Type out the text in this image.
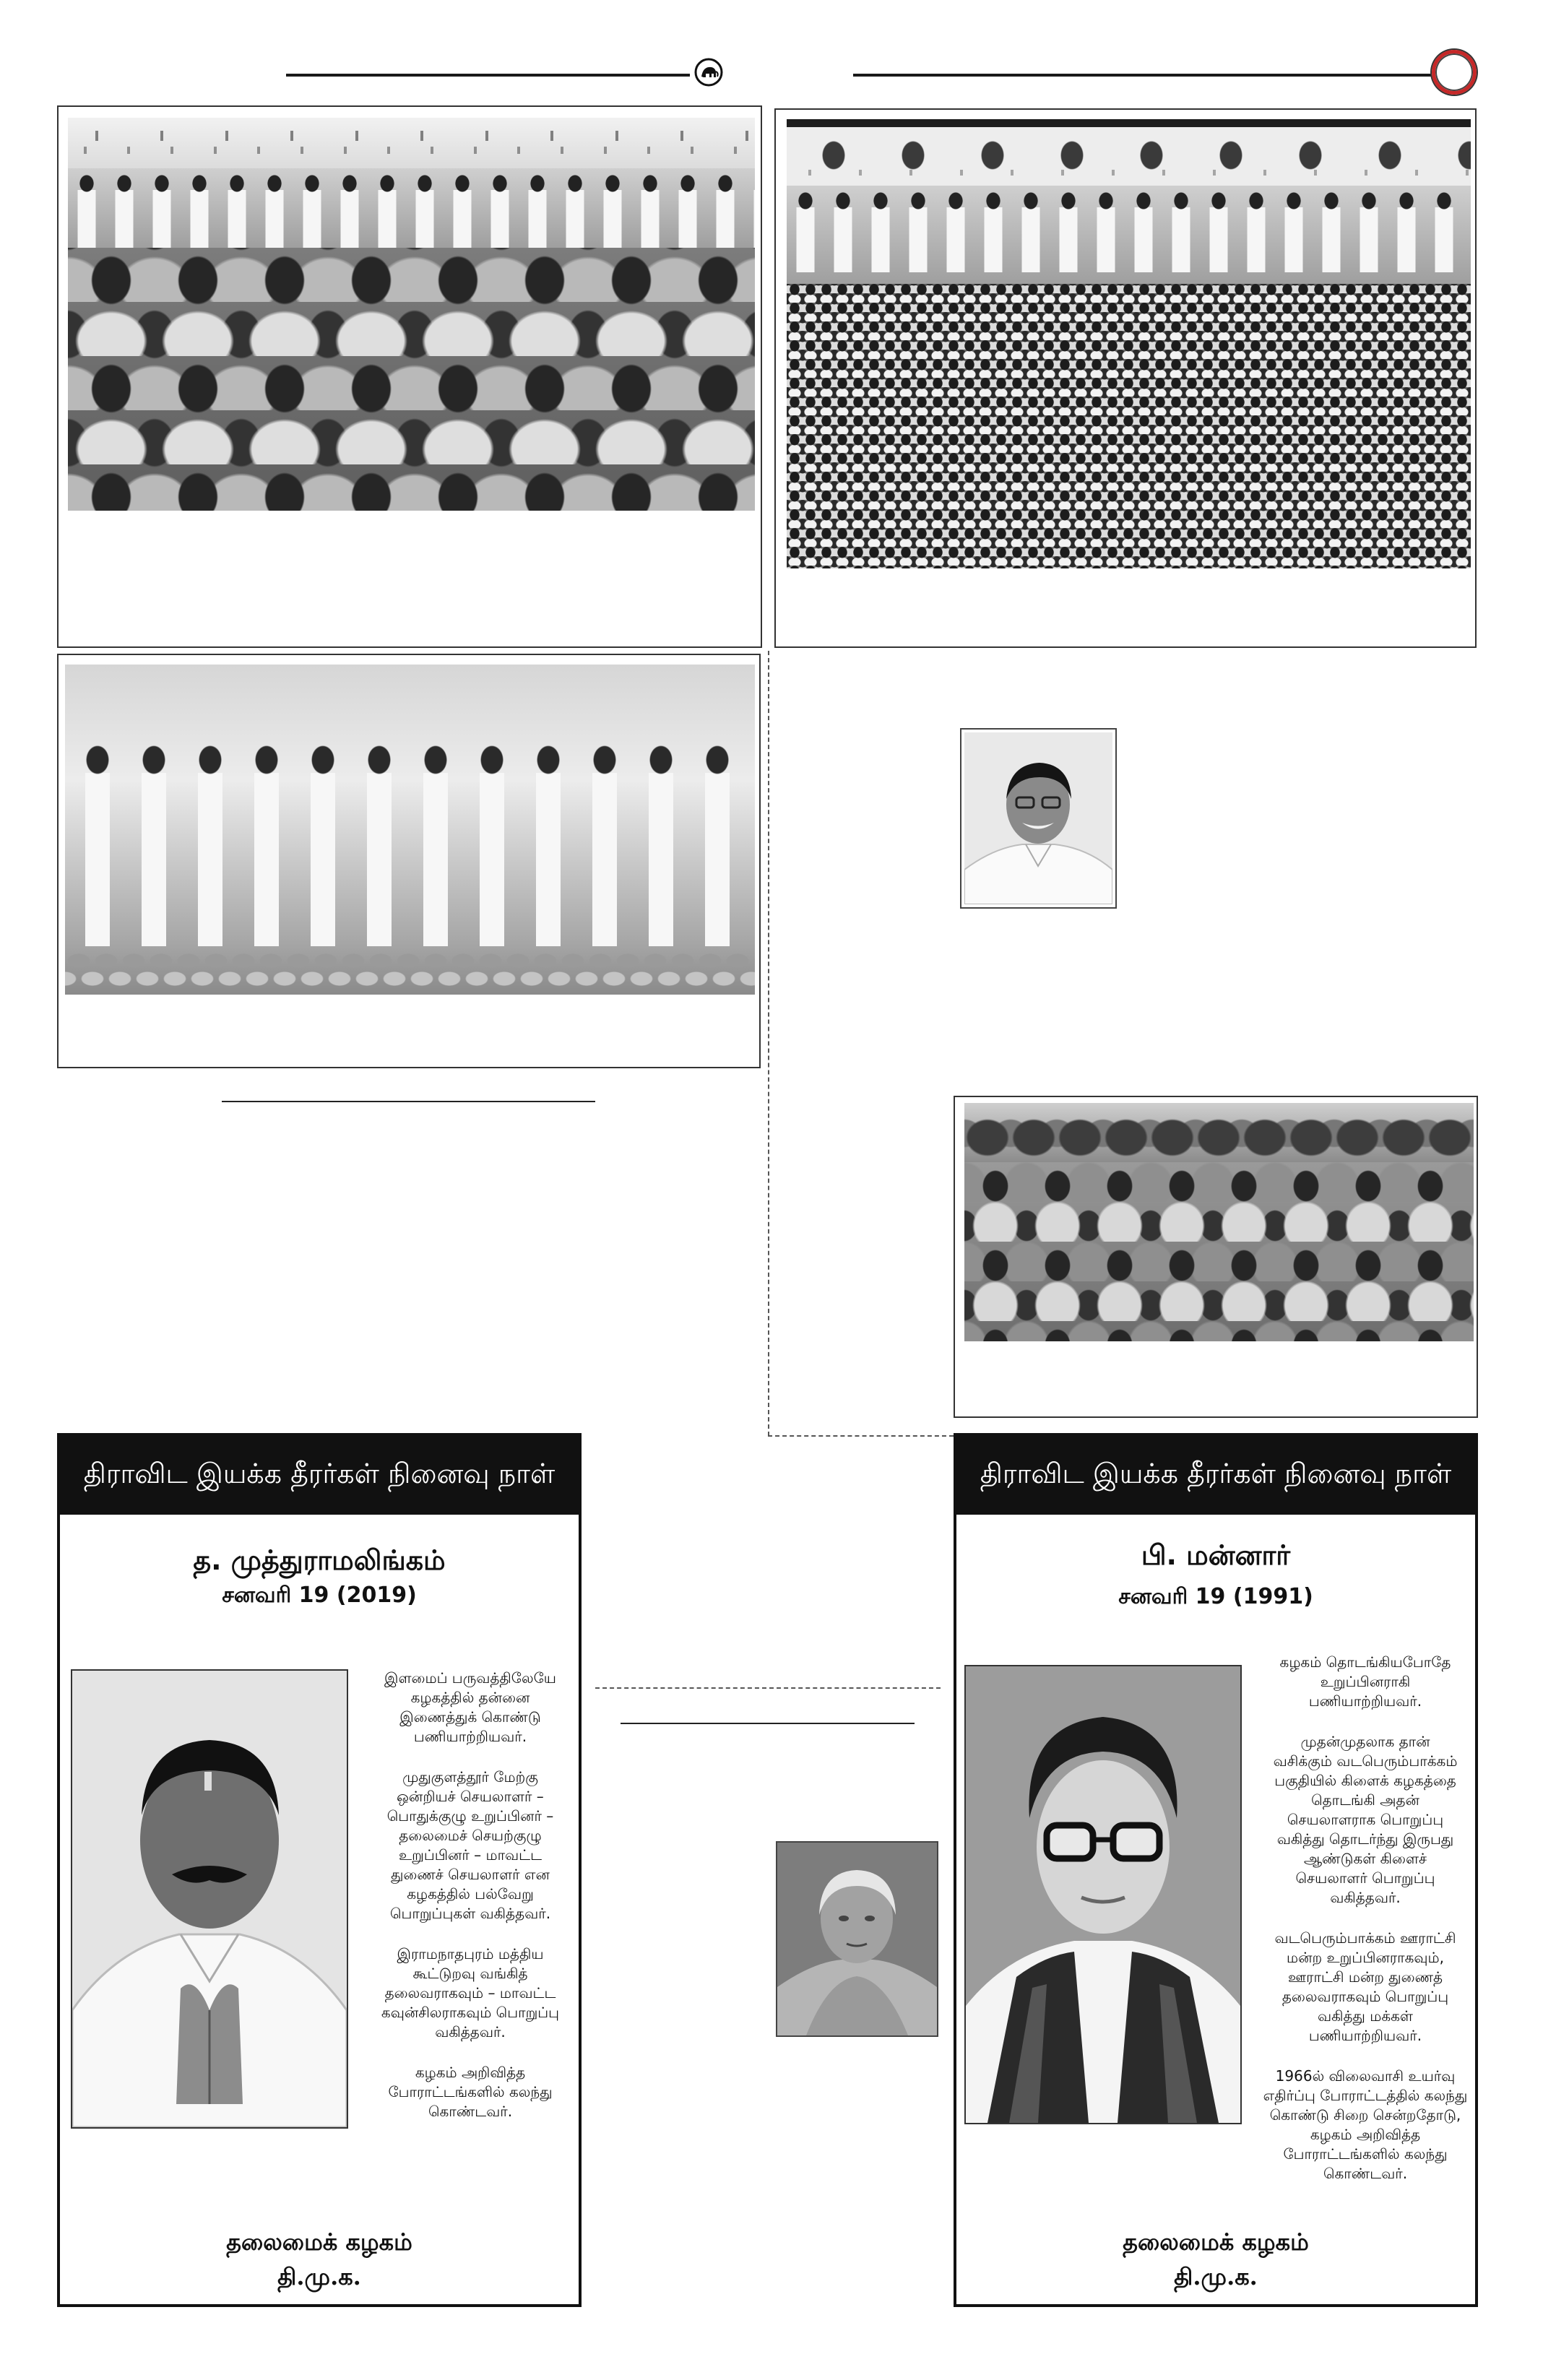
திராவிட இயக்க தீரர்கள் நினைவு நாள்
த. முத்துராமலிங்கம்
சனவரி 19 (2019)

இளமைப் பருவத்திலேயே
கழகத்தில் தன்னை
இணைத்துக் கொண்டு
பணியாற்றியவர்.

முதுகுளத்தூர் மேற்கு
ஒன்றியச் செயலாளர் –
பொதுக்குழு உறுப்பினர் –
தலைமைச் செயற்குழு
உறுப்பினர் – மாவட்ட
துணைச் செயலாளர் என
கழகத்தில் பல்வேறு
பொறுப்புகள் வகித்தவர்.

இராமநாதபுரம் மத்திய
கூட்டுறவு வங்கித்
தலைவராகவும் – மாவட்ட
கவுன்சிலராகவும் பொறுப்பு
வகித்தவர்.

கழகம் அறிவித்த
போராட்டங்களில் கலந்து
கொண்டவர்.

தலைமைக் கழகம்
தி.மு.க.
திராவிட இயக்க தீரர்கள் நினைவு நாள்
பி. மன்னார்
சனவரி 19 (1991)

கழகம் தொடங்கியபோதே
உறுப்பினராகி
பணியாற்றியவர்.

முதன்முதலாக தான்
வசிக்கும் வடபெரும்பாக்கம்
பகுதியில் கிளைக் கழகத்தை
தொடங்கி அதன்
செயலாளராக பொறுப்பு
வகித்து தொடர்ந்து இருபது
ஆண்டுகள் கிளைச்
செயலாளர் பொறுப்பு
வகித்தவர்.

வடபெரும்பாக்கம் ஊராட்சி
மன்ற உறுப்பினராகவும்,
ஊராட்சி மன்ற துணைத்
தலைவராகவும் பொறுப்பு
வகித்து மக்கள்
பணியாற்றியவர்.

1966ல் விலைவாசி உயர்வு
எதிர்ப்பு போராட்டத்தில் கலந்து
கொண்டு சிறை சென்றதோடு,
கழகம் அறிவித்த
போராட்டங்களில் கலந்து
கொண்டவர்.

தலைமைக் கழகம்
தி.மு.க.
